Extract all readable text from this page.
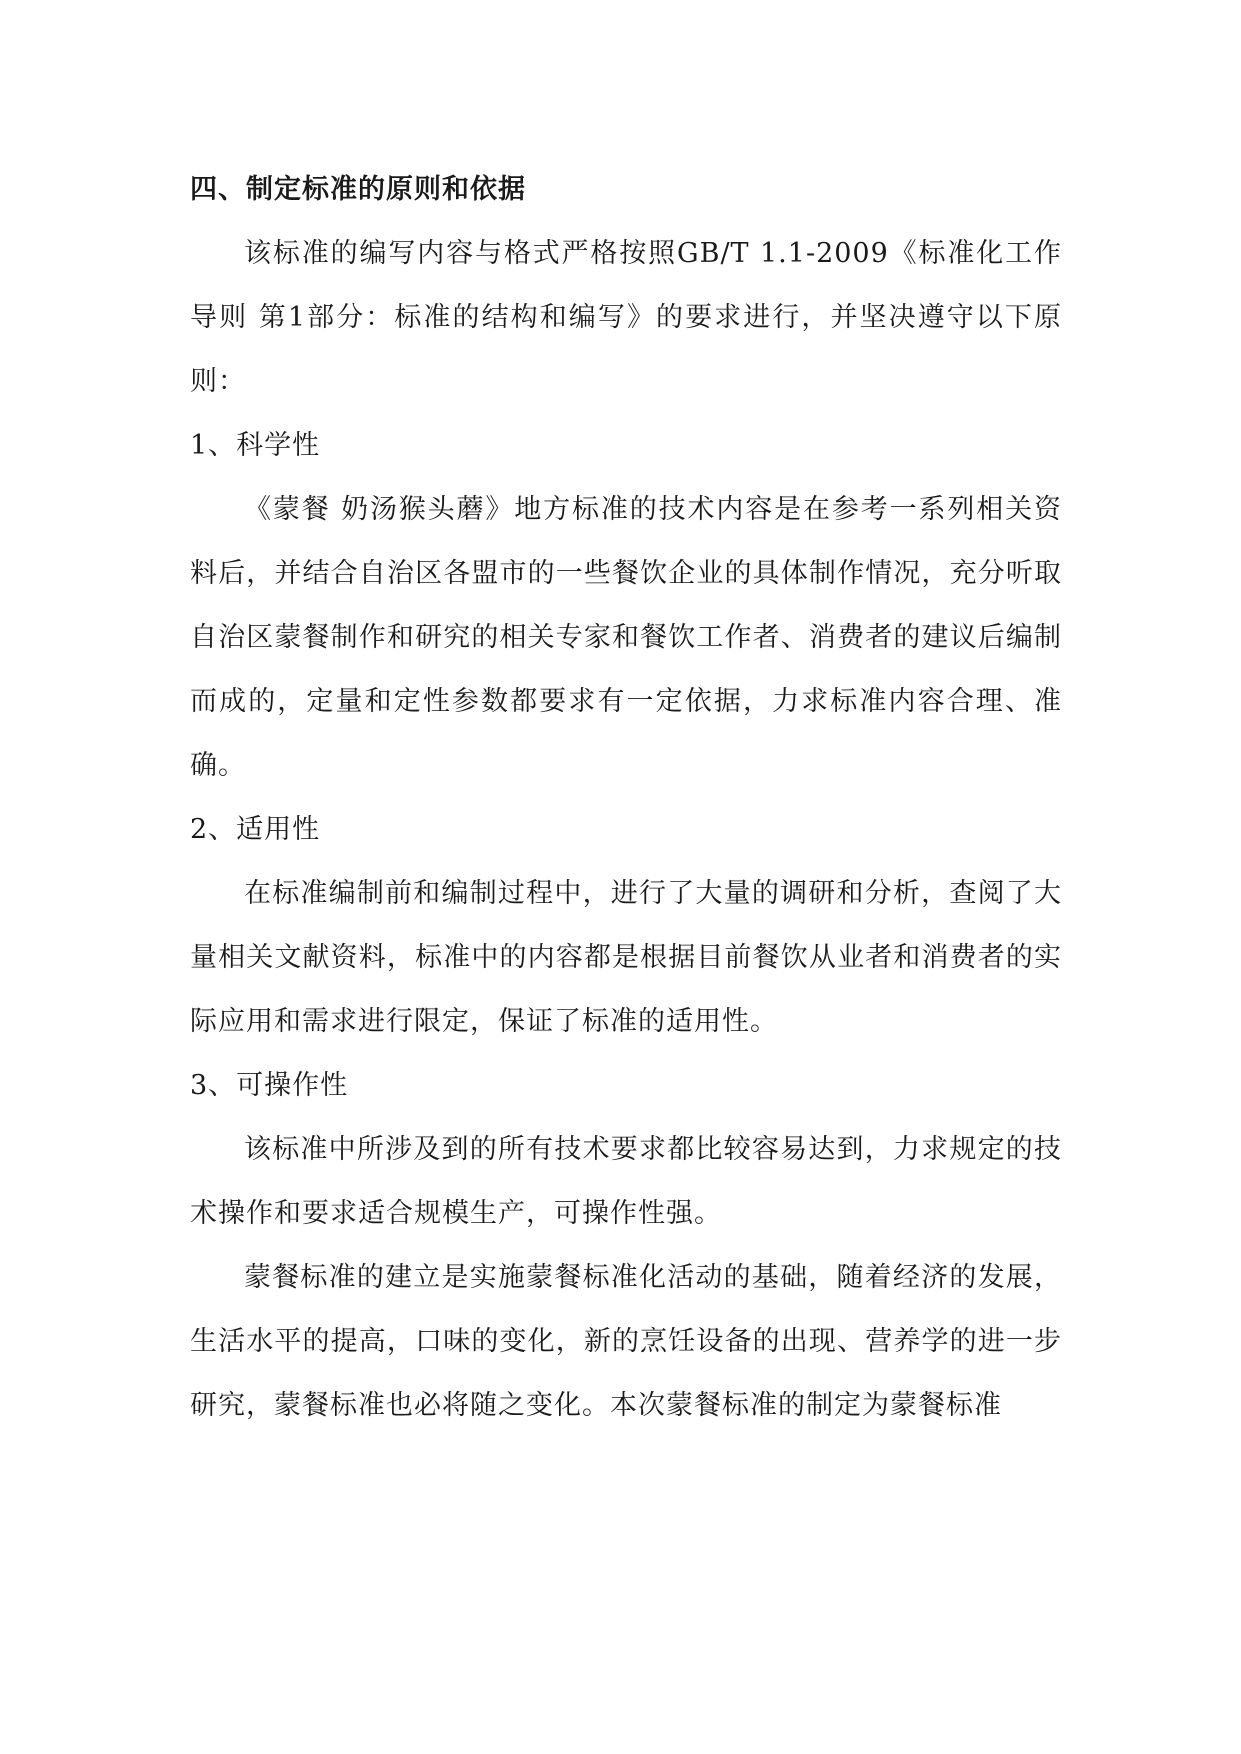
四、制定标准的原则和依据

该标准的编写内容与格式严格按照GB/T 1.1-2009《标准化工作导则 第1部分：标准的结构和编写》的要求进行，并坚决遵守以下原则：

1、科学性

《蒙餐 奶汤猴头蘑》地方标准的技术内容是在参考一系列相关资料后，并结合自治区各盟市的一些餐饮企业的具体制作情况，充分听取自治区蒙餐制作和研究的相关专家和餐饮工作者、消费者的建议后编制而成的，定量和定性参数都要求有一定依据，力求标准内容合理、准确。

2、适用性

在标准编制前和编制过程中，进行了大量的调研和分析，查阅了大量相关文献资料，标准中的内容都是根据目前餐饮从业者和消费者的实际应用和需求进行限定，保证了标准的适用性。

3、可操作性

该标准中所涉及到的所有技术要求都比较容易达到，力求规定的技术操作和要求适合规模生产，可操作性强。

蒙餐标准的建立是实施蒙餐标准化活动的基础，随着经济的发展，生活水平的提高，口味的变化，新的烹饪设备的出现、营养学的进一步研究，蒙餐标准也必将随之变化。本次蒙餐标准的制定为蒙餐标准
